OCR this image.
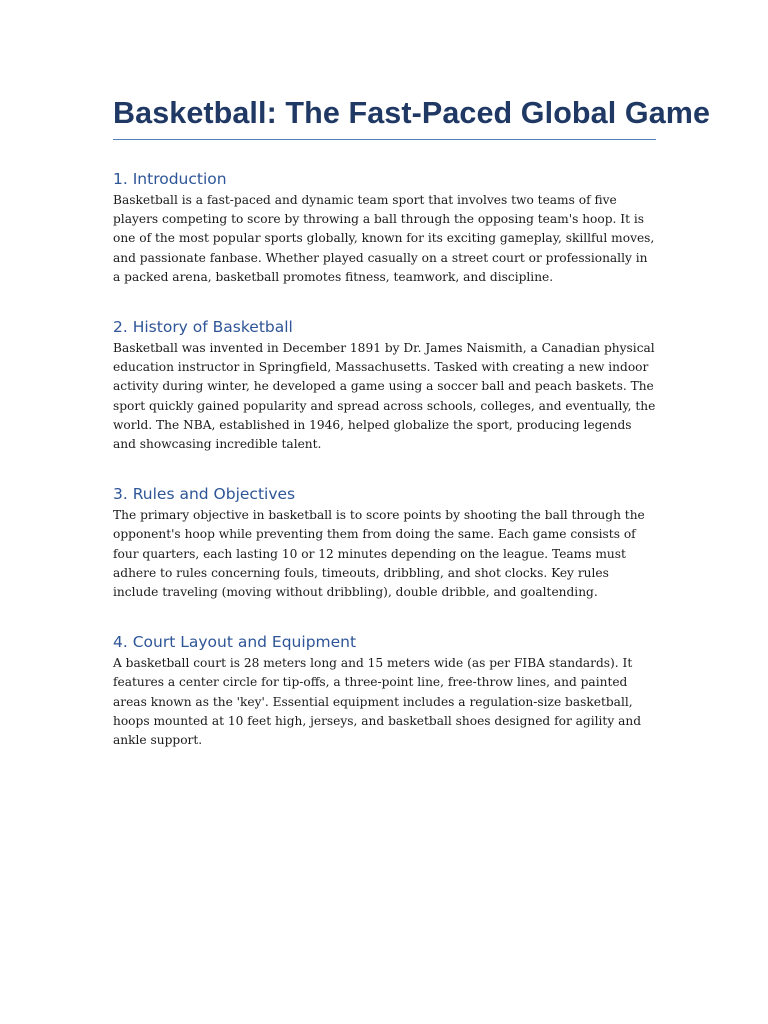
Basketball: The Fast-Paced Global Game
1. Introduction

Basketball is a fast-paced and dynamic team sport that involves two teams of five players competing to score by throwing a ball through the opposing team's hoop. It is one of the most popular sports globally, known for its exciting gameplay, skillful moves, and passionate fanbase. Whether played casually on a street court or professionally in a packed arena, basketball promotes fitness, teamwork, and discipline.

2. History of Basketball

Basketball was invented in December 1891 by Dr. James Naismith, a Canadian physical education instructor in Springfield, Massachusetts. Tasked with creating a new indoor activity during winter, he developed a game using a soccer ball and peach baskets. The sport quickly gained popularity and spread across schools, colleges, and eventually, the world. The NBA, established in 1946, helped globalize the sport, producing legends and showcasing incredible talent.

3. Rules and Objectives

The primary objective in basketball is to score points by shooting the ball through the opponent's hoop while preventing them from doing the same. Each game consists of four quarters, each lasting 10 or 12 minutes depending on the league. Teams must adhere to rules concerning fouls, timeouts, dribbling, and shot clocks. Key rules include traveling (moving without dribbling), double dribble, and goaltending.

4. Court Layout and Equipment

A basketball court is 28 meters long and 15 meters wide (as per FIBA standards). It features a center circle for tip-offs, a three-point line, free-throw lines, and painted areas known as the 'key'. Essential equipment includes a regulation-size basketball, hoops mounted at 10 feet high, jerseys, and basketball shoes designed for agility and ankle support.
